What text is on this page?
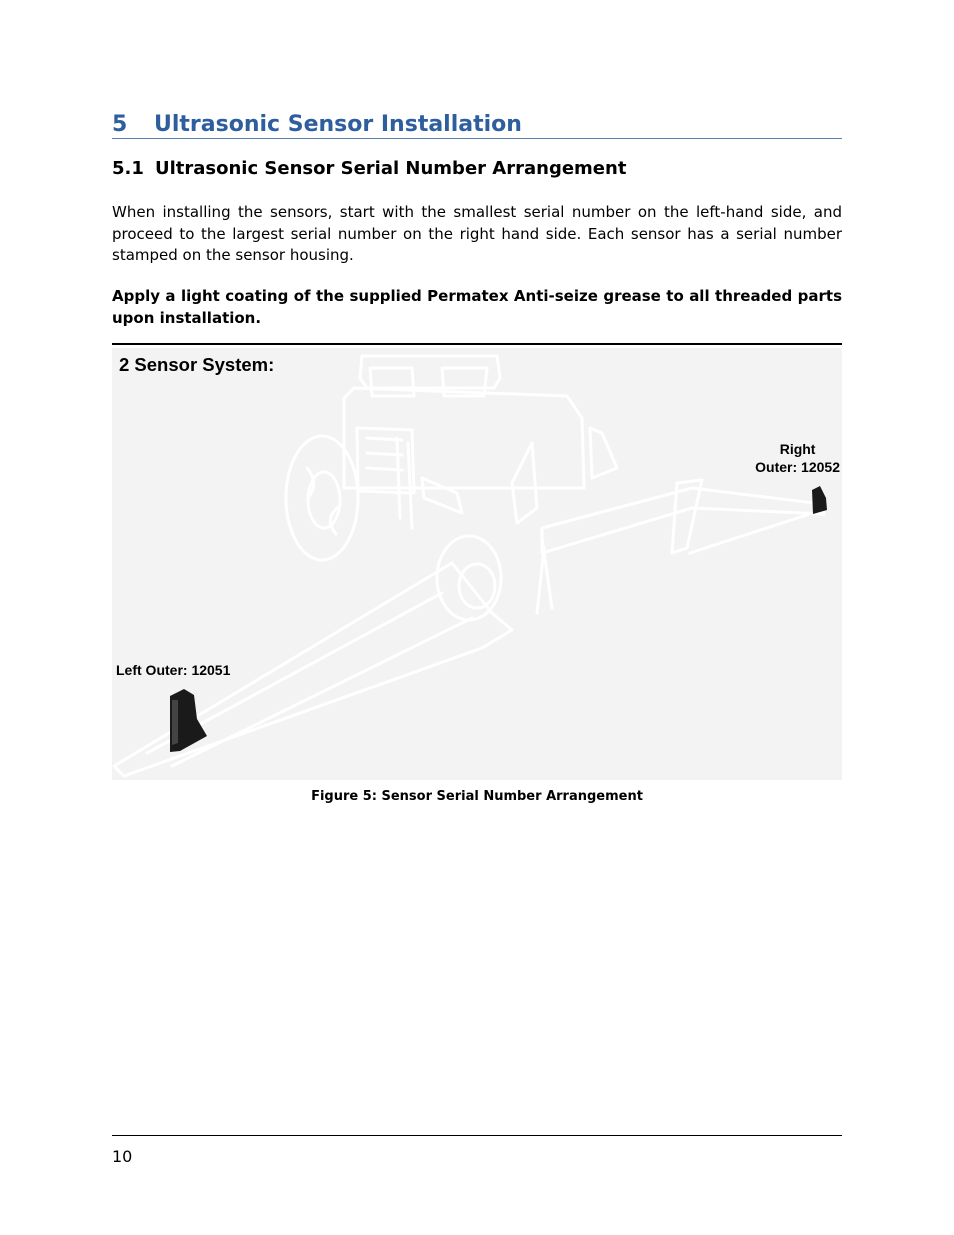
5 Ultrasonic Sensor Installation
5.1 Ultrasonic Sensor Serial Number Arrangement
When installing the sensors, start with the smallest serial number on the left-hand side, and proceed to the largest serial number on the right hand side. Each sensor has a serial number stamped on the sensor housing.
Apply a light coating of the supplied Permatex Anti-seize grease to all threaded parts upon installation.
2 Sensor System:
Right
Outer: 12052
Left Outer: 12051
Figure 5: Sensor Serial Number Arrangement
10
